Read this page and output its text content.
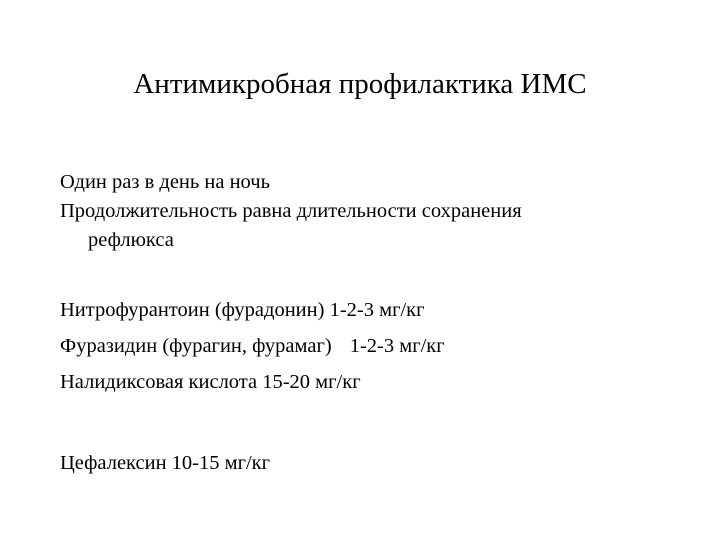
Антимикробная профилактика ИМС
Один раз в день на ночь
Продолжительность равна длительности сохранения
рефлюкса
Нитрофурантоин (фурадонин) 1-2-3 мг/кг
Фуразидин (фурагин, фурамаг) 1-2-3 мг/кг
Налидиксовая кислота 15-20 мг/кг
Цефалексин 10-15 мг/кг
